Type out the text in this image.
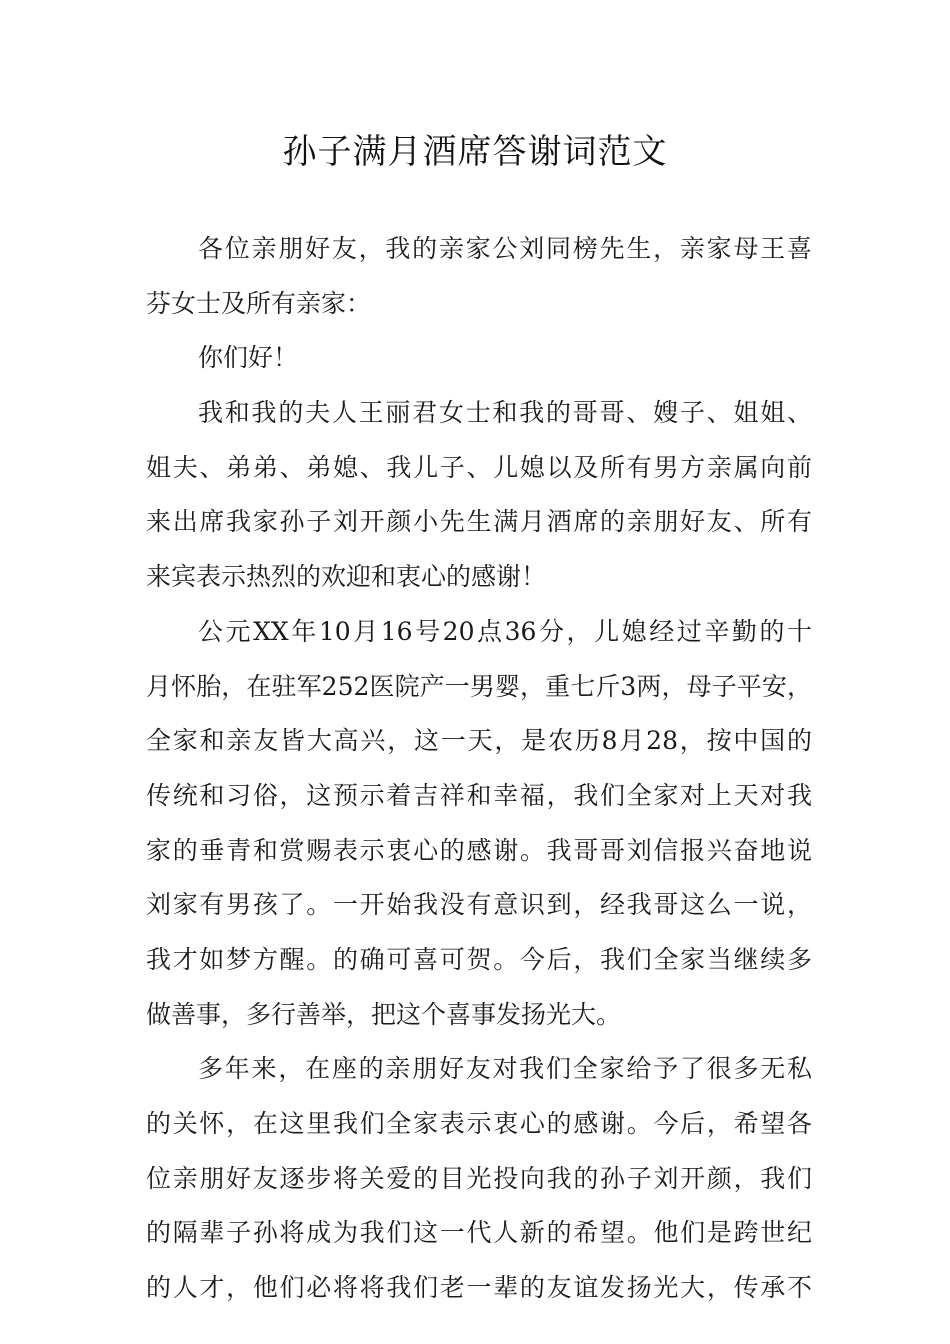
孙子满月酒席答谢词范文
各位亲朋好友，我的亲家公刘同榜先生，亲家母王喜
芬女士及所有亲家：
你们好！
我和我的夫人王丽君女士和我的哥哥、嫂子、姐姐、
姐夫、弟弟、弟媳、我儿子、儿媳以及所有男方亲属向前
来出席我家孙子刘开颜小先生满月酒席的亲朋好友、所有
来宾表示热烈的欢迎和衷心的感谢！
公元XX年10月16号20点36分，儿媳经过辛勤的十
月怀胎，在驻军252医院产一男婴，重七斤3两，母子平安，
全家和亲友皆大高兴，这一天，是农历8月28，按中国的
传统和习俗，这预示着吉祥和幸福，我们全家对上天对我
家的垂青和赏赐表示衷心的感谢。我哥哥刘信报兴奋地说
刘家有男孩了。一开始我没有意识到，经我哥这么一说，
我才如梦方醒。的确可喜可贺。今后，我们全家当继续多
做善事，多行善举，把这个喜事发扬光大。
多年来，在座的亲朋好友对我们全家给予了很多无私
的关怀，在这里我们全家表示衷心的感谢。今后，希望各
位亲朋好友逐步将关爱的目光投向我的孙子刘开颜，我们
的隔辈子孙将成为我们这一代人新的希望。他们是跨世纪
的人才，他们必将将我们老一辈的友谊发扬光大，传承不
